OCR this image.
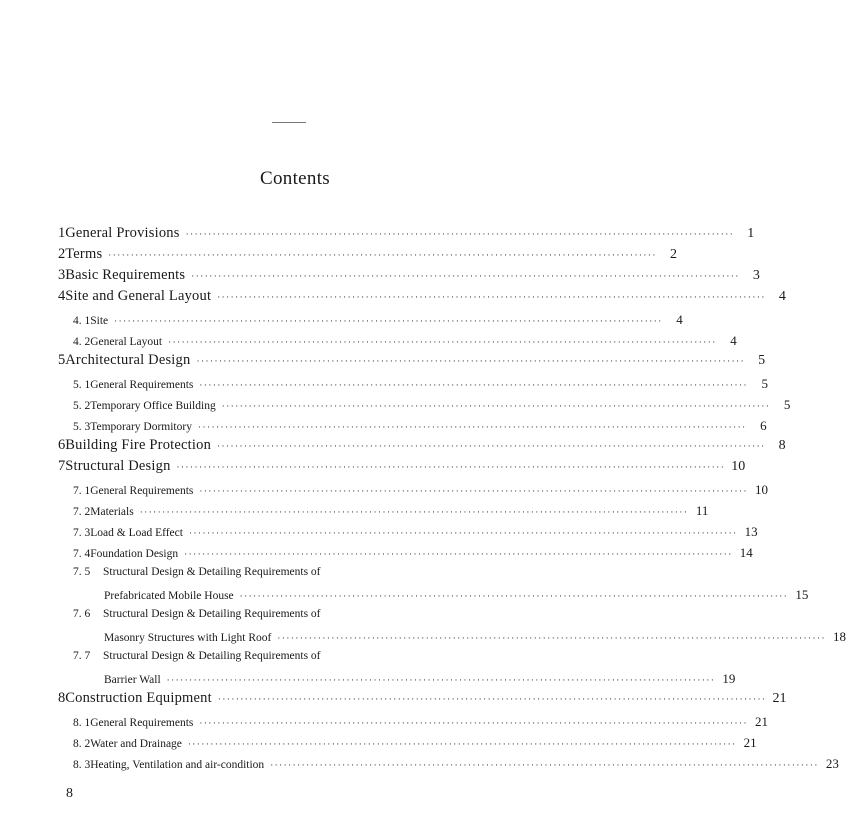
Contents
1 General Provisions ·························································································································· 1
2 Terms ·························································································································· 2
3 Basic Requirements ·························································································································· 3
4 Site and General Layout ·························································································································· 4
4. 1 Site ··························································································································	4
4. 2 General Layout ··························································································································	4
5 Architectural Design ·························································································································· 5
5. 1 General Requirements ··························································································································	5
5. 2 Temporary Office Building ··························································································································	5
5. 3 Temporary Dormitory ··························································································································	6
6 Building Fire Protection ·························································································································· 8
7 Structural Design ·························································································································· 10
7. 1 General Requirements ·························································································································· 10
7. 2 Materials ·························································································································· 11
7. 3 Load & Load Effect ·························································································································· 13
7. 4 Foundation Design ·························································································································· 14
7. 5	Structural Design & Detailing Requirements of
Prefabricated Mobile House ·························································································································· 15
7. 6	Structural Design & Detailing Requirements of
Masonry Structures with Light Roof ·························································································································· 18
7. 7	Structural Design & Detailing Requirements of
Barrier Wall ·························································································································· 19
8 Construction Equipment ·························································································································· 21
8. 1 General Requirements ·························································································································· 21
8. 2 Water and Drainage ·························································································································· 21
8. 3 Heating, Ventilation and air-condition ·························································································································· 23
8
